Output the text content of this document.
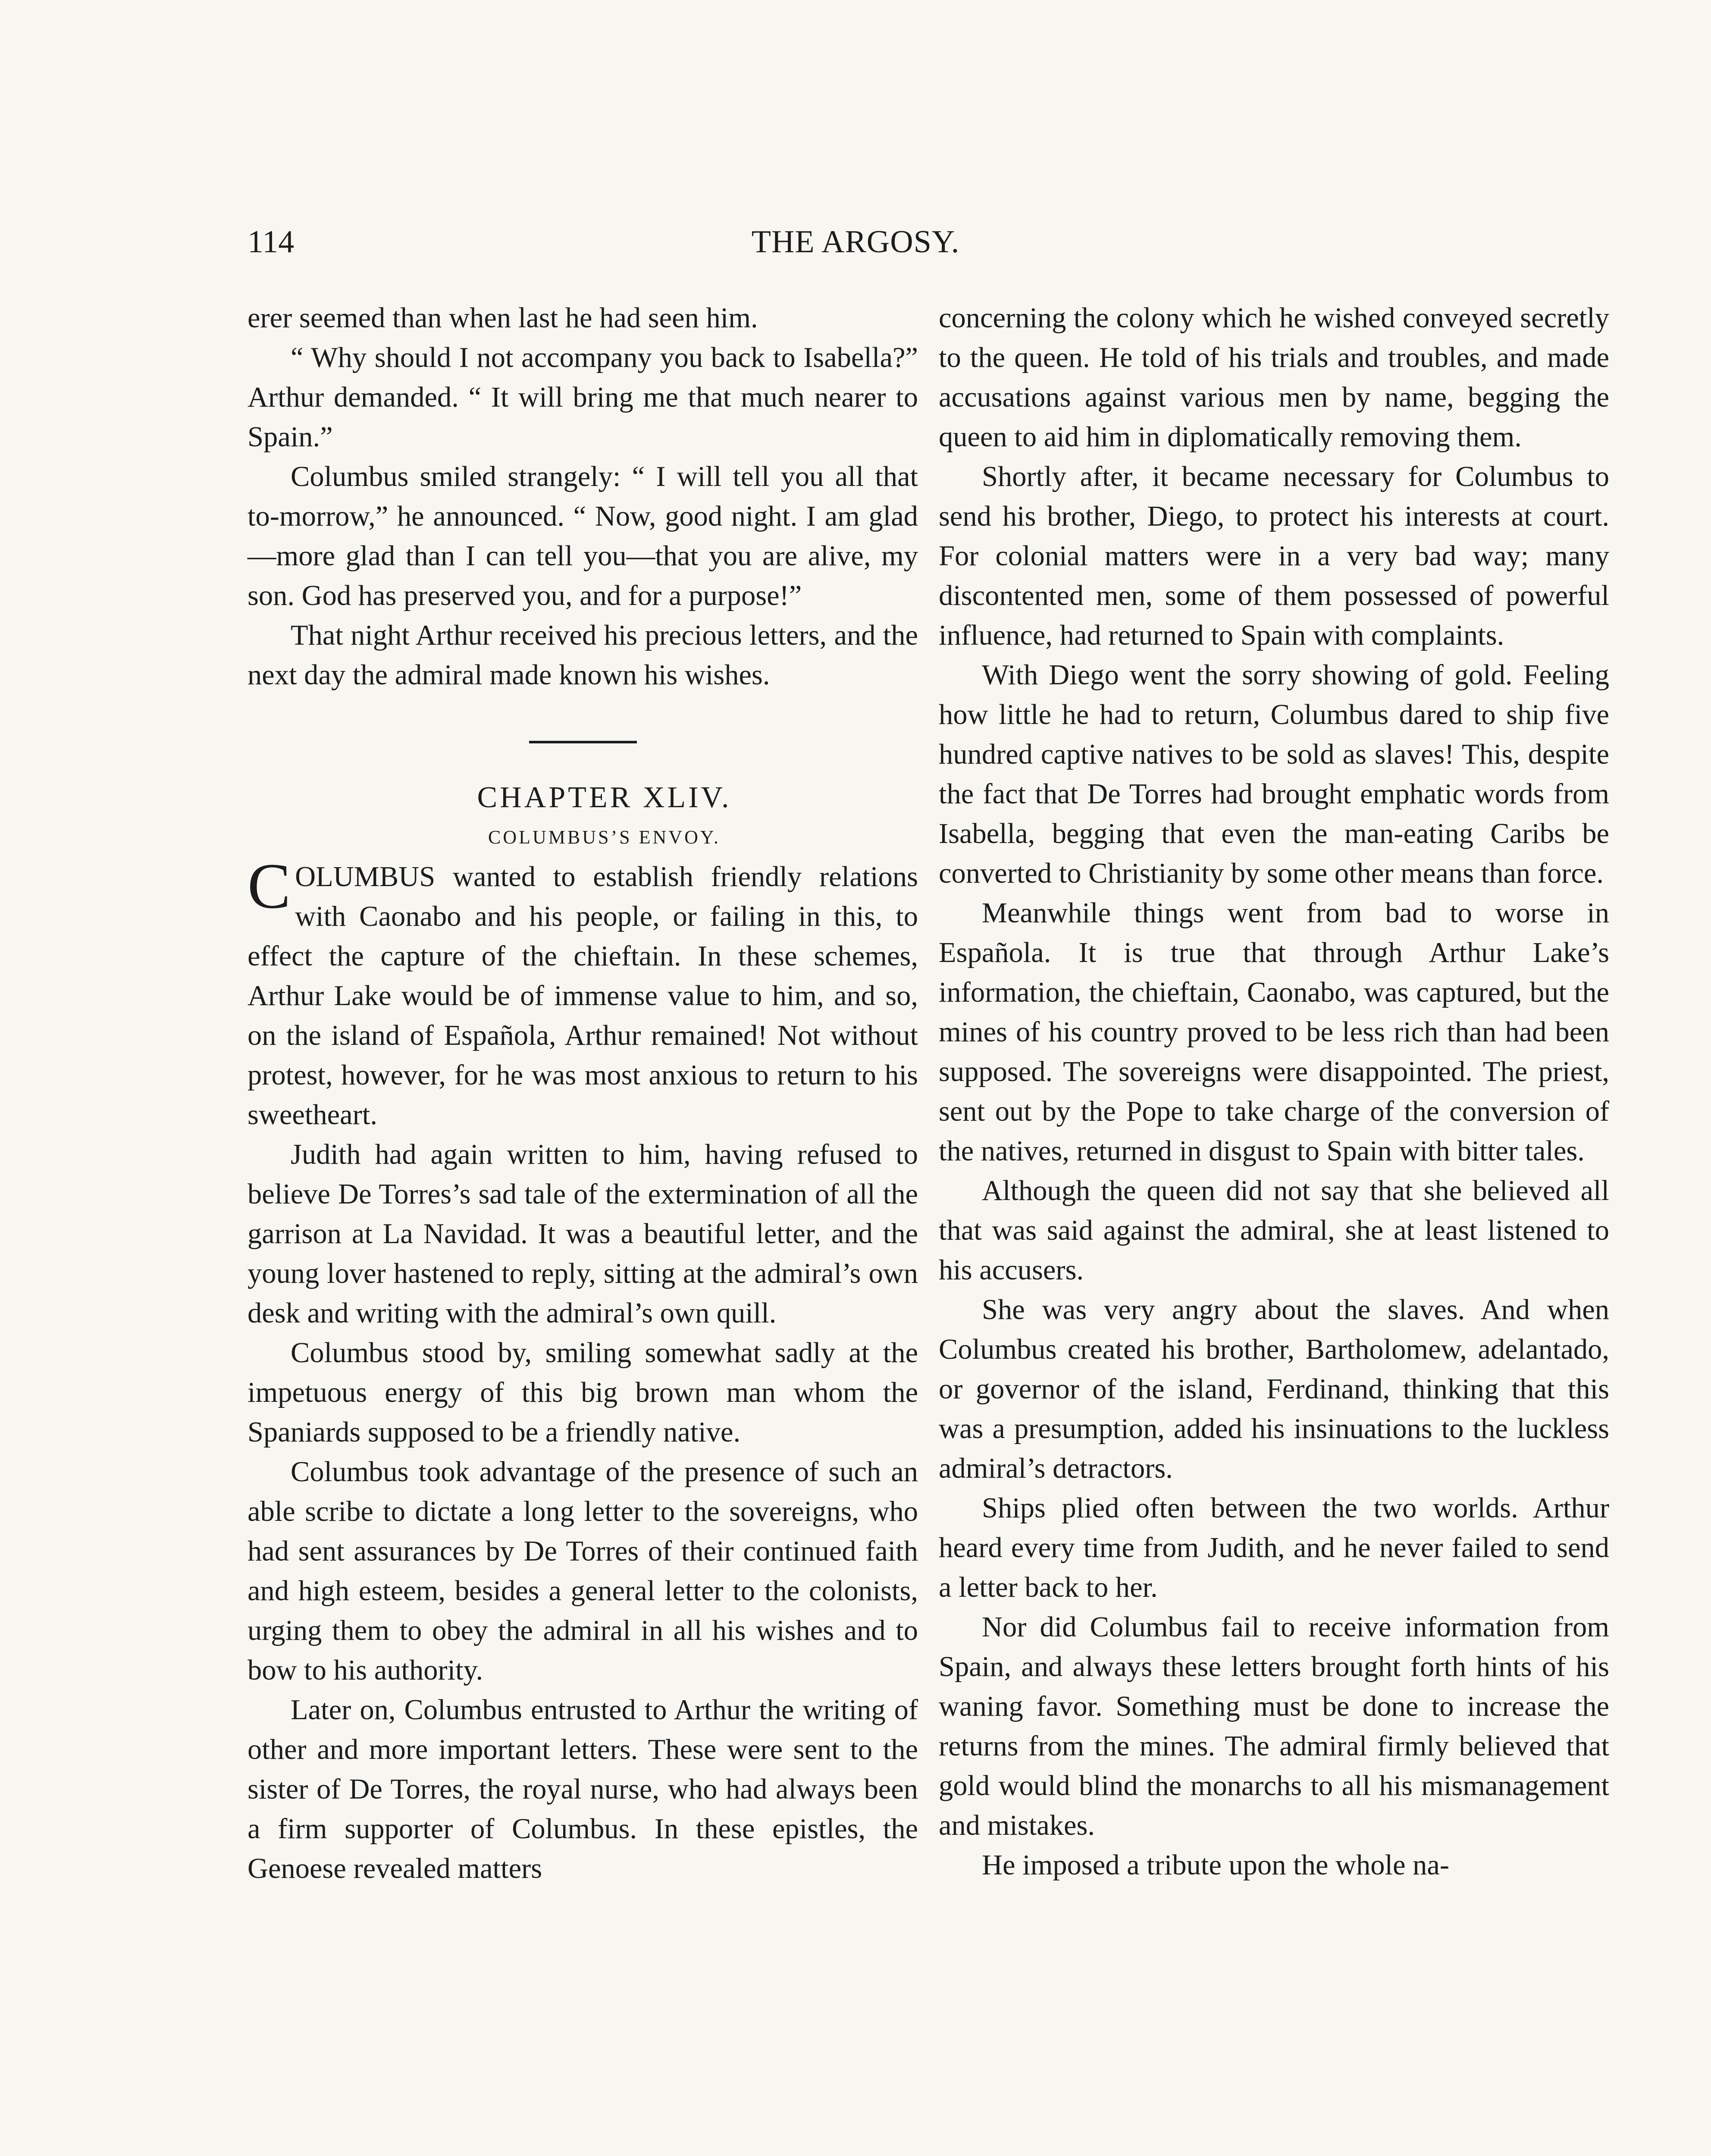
114	THE ARGOSY.

erer seemed than when last he had seen him.

“ Why should I not accompany you back to Isabella?” Arthur demanded. “ It will bring me that much nearer to Spain.”

Columbus smiled strangely: “ I will tell you all that to-morrow,” he announced. “ Now, good night. I am glad—more glad than I can tell you—that you are alive, my son. God has preserved you, and for a purpose!”

That night Arthur received his precious letters, and the next day the admiral made known his wishes.

CHAPTER XLIV.

COLUMBUS’S ENVOY.

COLUMBUS wanted to establish friendly relations with Caonabo and his people, or failing in this, to effect the capture of the chieftain. In these schemes, Arthur Lake would be of immense value to him, and so, on the island of Española, Arthur remained! Not without protest, however, for he was most anxious to return to his sweetheart.

Judith had again written to him, having refused to believe De Torres’s sad tale of the extermination of all the garrison at La Navidad. It was a beautiful letter, and the young lover hastened to reply, sitting at the admiral’s own desk and writing with the admiral’s own quill.

Columbus stood by, smiling somewhat sadly at the impetuous energy of this big brown man whom the Spaniards supposed to be a friendly native.

Columbus took advantage of the presence of such an able scribe to dictate a long letter to the sovereigns, who had sent assurances by De Torres of their continued faith and high esteem, besides a general letter to the colonists, urging them to obey the admiral in all his wishes and to bow to his authority.

Later on, Columbus entrusted to Arthur the writing of other and more important letters. These were sent to the sister of De Torres, the royal nurse, who had always been a firm supporter of Columbus. In these epistles, the Genoese revealed matters

concerning the colony which he wished conveyed secretly to the queen. He told of his trials and troubles, and made accusations against various men by name, begging the queen to aid him in diplomatically removing them.

Shortly after, it became necessary for Columbus to send his brother, Diego, to protect his interests at court. For colonial matters were in a very bad way; many discontented men, some of them possessed of powerful influence, had returned to Spain with complaints.

With Diego went the sorry showing of gold. Feeling how little he had to return, Columbus dared to ship five hundred captive natives to be sold as slaves! This, despite the fact that De Torres had brought emphatic words from Isabella, begging that even the man-eating Caribs be converted to Christianity by some other means than force.

Meanwhile things went from bad to worse in Española. It is true that through Arthur Lake’s information, the chieftain, Caonabo, was captured, but the mines of his country proved to be less rich than had been supposed. The sovereigns were disappointed. The priest, sent out by the Pope to take charge of the conversion of the natives, returned in disgust to Spain with bitter tales.

Although the queen did not say that she believed all that was said against the admiral, she at least listened to his accusers.

She was very angry about the slaves. And when Columbus created his brother, Bartholomew, adelantado, or governor of the island, Ferdinand, thinking that this was a presumption, added his insinuations to the luckless admiral’s detractors.

Ships plied often between the two worlds. Arthur heard every time from Judith, and he never failed to send a letter back to her.

Nor did Columbus fail to receive information from Spain, and always these letters brought forth hints of his waning favor. Something must be done to increase the returns from the mines. The admiral firmly believed that gold would blind the monarchs to all his mismanagement and mistakes.

He imposed a tribute upon the whole na-
